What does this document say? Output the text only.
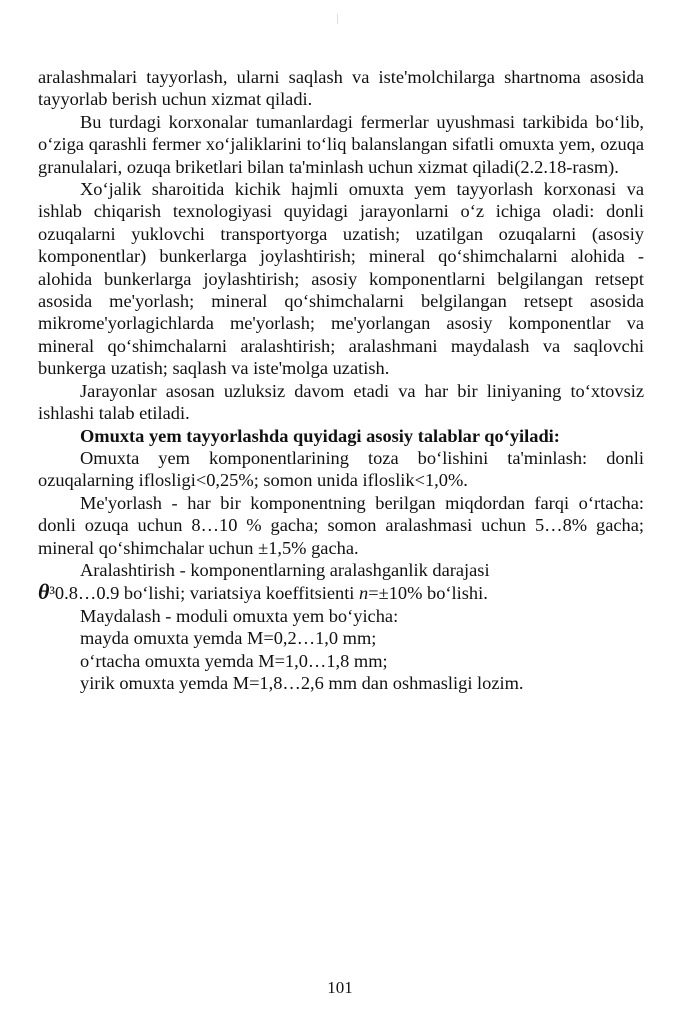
aralashmalari tayyorlash, ularni saqlash va iste'molchilarga shartnoma asosida tayyorlab berish uchun xizmat qiladi.

Bu turdagi korxonalar tumanlardagi fermerlar uyushmasi tarkibida bo‘lib, o‘ziga qarashli fermer xo‘jaliklarini to‘liq balanslangan sifatli omuxta yem, ozuqa granulalari, ozuqa briketlari bilan ta'minlash uchun xizmat qiladi(2.2.18-rasm).

Xo‘jalik sharoitida kichik hajmli omuxta yem tayyorlash korxonasi va ishlab chiqarish texnologiyasi quyidagi jarayonlarni o‘z ichiga oladi: donli ozuqalarni yuklovchi transportyorga uzatish; uzatilgan ozuqalarni (asosiy komponentlar) bunkerlarga joylashtirish; mineral qo‘shimchalarni alohida - alohida bunkerlarga joylashtirish; asosiy komponentlarni belgilangan retsept asosida me'yorlash; mineral qo‘shimchalarni belgilangan retsept asosida mikrome'yorlagichlarda me'yorlash; me'yorlangan asosiy komponentlar va mineral qo‘shimchalarni aralashtirish; aralashmani maydalash va saqlovchi bunkerga uzatish; saqlash va iste'molga uzatish.

Jarayonlar asosan uzluksiz davom etadi va har bir liniyaning to‘xtovsiz ishlashi talab etiladi.

Omuxta yem tayyorlashda quyidagi asosiy talablar qo‘yiladi:

Omuxta yem komponentlarining toza bo‘lishini ta'minlash: donli ozuqalarning ifloslig​i<0,25%; somon unida ifloslik<1,0%.

Me'yorlash - har bir komponentning berilgan miqdordan farqi o‘rtacha: donli ozuqa uchun 8…10 % gacha; somon aralashmasi uchun 5…8% gacha; mineral qo‘shimchalar uchun ±1,5% gacha.

Aralashtirish - komponentlarning aralashganlik darajasi
θ³0.8…0.9 bo‘lishi; variatsiya koeffitsienti n=±10% bo‘lishi.

Maydalash - moduli omuxta yem bo‘yicha:

mayda omuxta yemda M=0,2…1,0 mm;

o‘rtacha omuxta yemda M=1,0…1,8 mm;

yirik omuxta yemda M=1,8…2,6 mm dan oshmasligi lozim.

101
